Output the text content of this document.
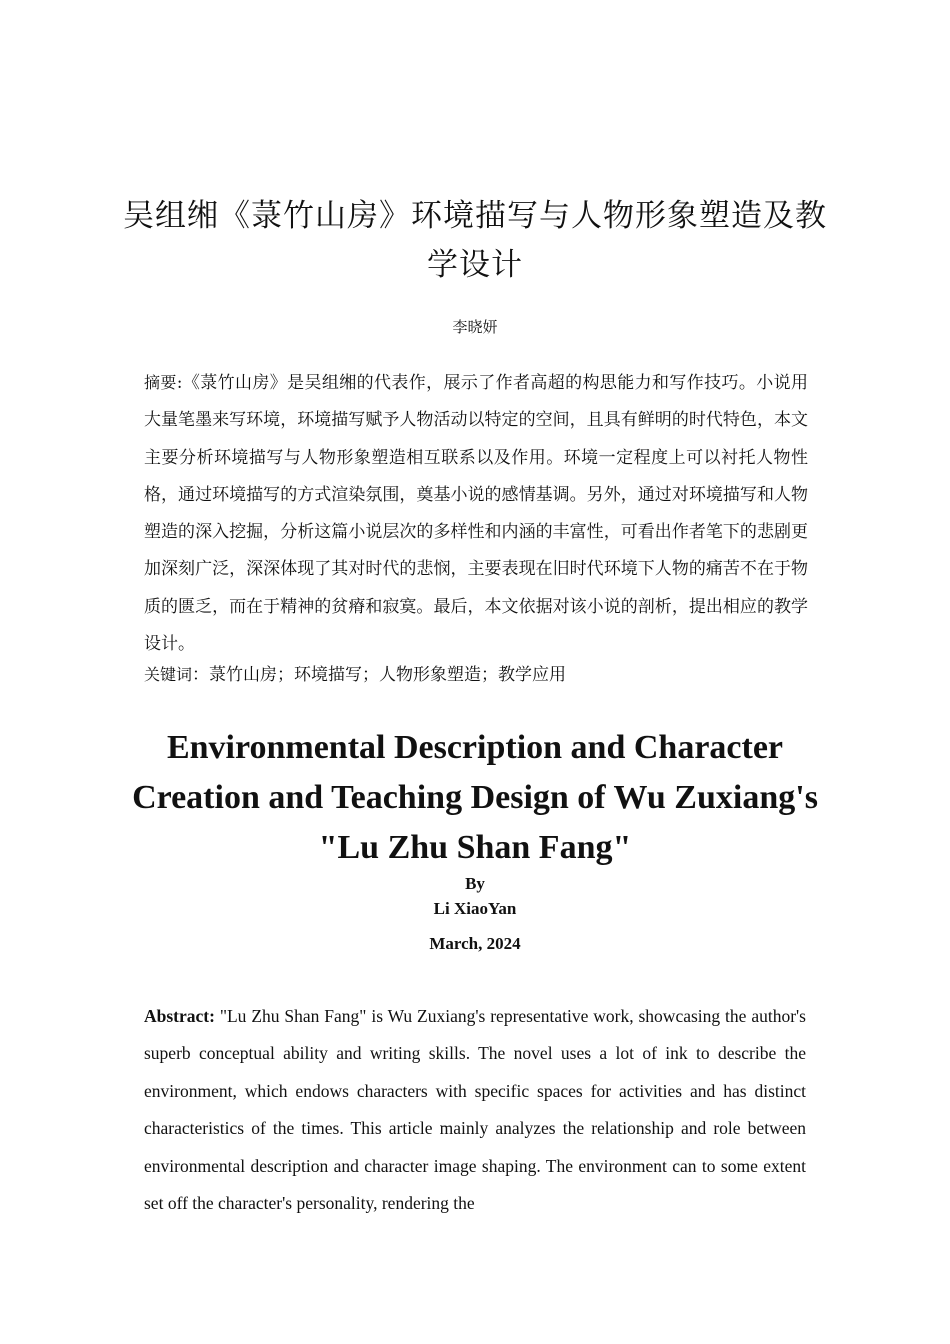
吴组缃《菉竹山房》环境描写与人物形象塑造及教学设计
李晓妍

摘要:《菉竹山房》是吴组缃的代表作，展示了作者高超的构思能力和写作技巧。小说用大量笔墨来写环境，环境描写赋予人物活动以特定的空间，且具有鲜明的时代特色，本文主要分析环境描写与人物形象塑造相互联系以及作用。环境一定程度上可以衬托人物性格，通过环境描写的方式渲染氛围，奠基小说的感情基调。另外，通过对环境描写和人物塑造的深入挖掘，分析这篇小说层次的多样性和内涵的丰富性，可看出作者笔下的悲剧更加深刻广泛，深深体现了其对时代的悲悯，主要表现在旧时代环境下人物的痛苦不在于物质的匮乏，而在于精神的贫瘠和寂寞。最后，本文依据对该小说的剖析，提出相应的教学设计。

关键词：菉竹山房；环境描写；人物形象塑造；教学应用

Environmental Description and Character Creation and Teaching Design of Wu Zuxiang's "Lu Zhu Shan Fang"
By
Li XiaoYan
March, 2024

Abstract: "Lu Zhu Shan Fang" is Wu Zuxiang's representative work, showcasing the author's superb conceptual ability and writing skills. The novel uses a lot of ink to describe the environment, which endows characters with specific spaces for activities and has distinct characteristics of the times. This article mainly analyzes the relationship and role between environmental description and character image shaping. The environment can to some extent set off the character's personality, rendering the
